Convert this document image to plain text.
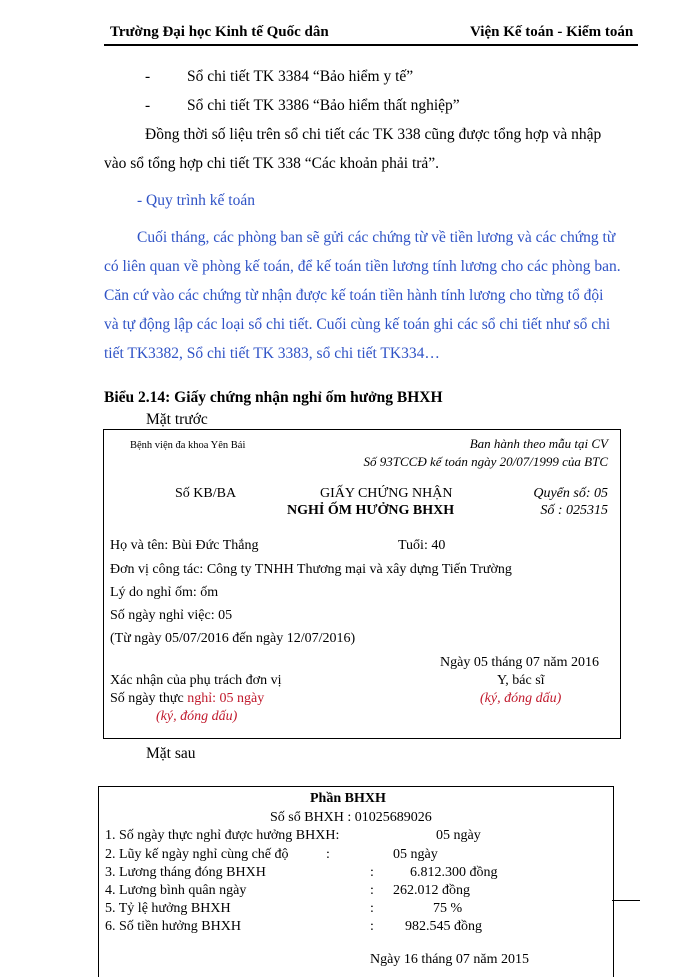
Trường Đại học Kinh tế Quốc dân	Viện Kế toán - Kiểm toán
- Sổ chi tiết TK 3384 “Bảo hiểm y tế”
- Sổ chi tiết TK 3386 “Bảo hiểm thất nghiệp”
Đồng thời số liệu trên sổ chi tiết các TK 338 cũng được tổng hợp và nhập
vào sổ tổng hợp chi tiết TK 338 “Các khoản phải trả”.
- Quy trình kế toán
Cuối tháng, các phòng ban sẽ gửi các chứng từ về tiền lương và các chứng từ
có liên quan về phòng kế toán, để kế toán tiền lương tính lương cho các phòng ban.
Căn cứ vào các chứng từ nhận được kế toán tiền hành tính lương cho từng tổ đội
và tự động lập các loại sổ chi tiết. Cuối cùng kế toán ghi các sổ chi tiết như sổ chi
tiết TK3382, Sổ chi tiết TK 3383, sổ chi tiết TK334…
Biểu 2.14: Giấy chứng nhận nghỉ ốm hưởng BHXH
Mặt trước
Bệnh viện đa khoa Yên Bái	Ban hành theo mẫu tại CV
Số 93TCCĐ kế toán ngày 20/07/1999 của BTC
Số KB/BA	GIẤY CHỨNG NHẬN
NGHỈ ỐM HƯỞNG BHXH
Quyển số: 05
Số : 025315
Họ và tên: Bùi Đức Thắng	Tuổi: 40
Đơn vị công tác: Công ty TNHH Thương mại và xây dựng Tiến Trường
Lý do nghỉ ốm: ốm
Số ngày nghỉ việc: 05
(Từ ngày 05/07/2016 đến ngày 12/07/2016)
Ngày 05 tháng 07 năm 2016
Xác nhận của phụ trách đơn vị	Y, bác sĩ
Số ngày thực nghỉ: 05 ngày	(ký, đóng dấu)
(ký, đóng dấu)
Mặt sau
Phần BHXH
Số sổ BHXH : 01025689026
1. Số ngày thực nghỉ được hưởng BHXH:	05 ngày
2. Lũy kế ngày nghỉ cùng chế độ	:	05 ngày
3. Lương tháng đóng BHXH	:	6.812.300 đồng
4. Lương bình quân ngày	: 262.012 đồng
5. Tỷ lệ hưởng BHXH	:	75 %
6. Số tiền hưởng BHXH	: 982.545 đồng
Ngày 16 tháng 07 năm 2015
